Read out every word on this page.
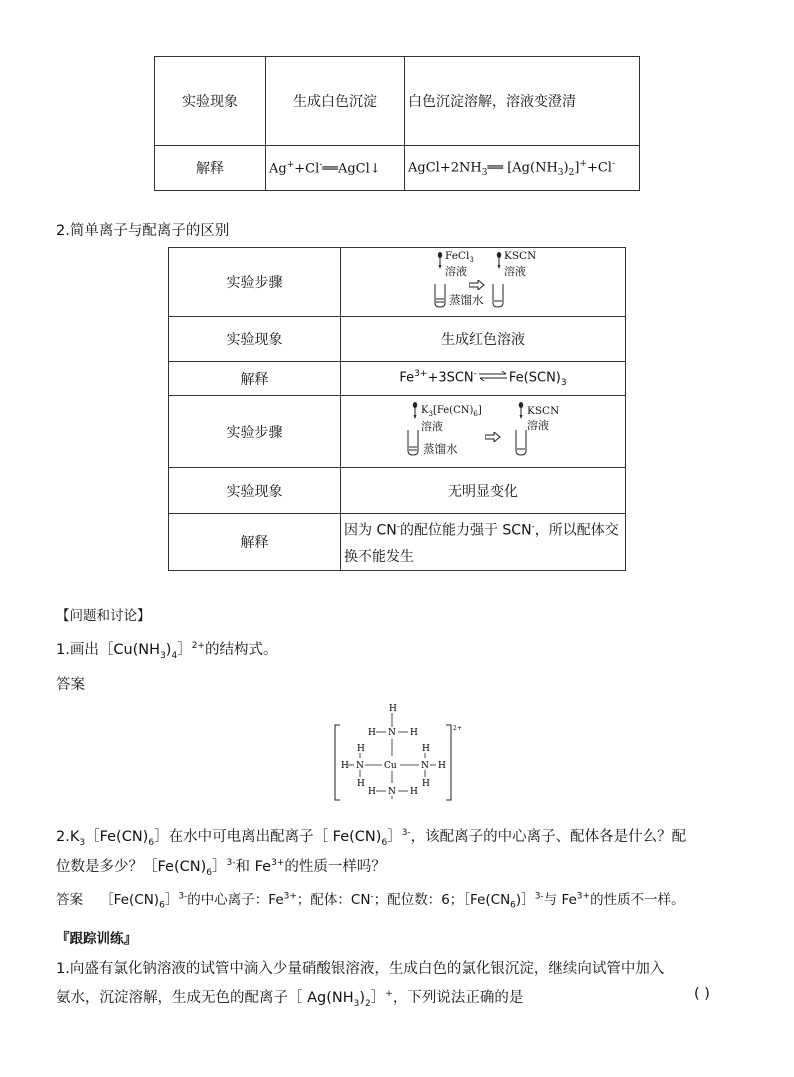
实验现象	生成白色沉淀	白色沉淀溶解，溶液变澄清
解释	Ag++Cl-══AgCl↓	$AgCl+2NH_3══$ $[Ag(NH_3)_2]^++Cl^-$
2.简单离子与配离子的区别
实验步骤	FeCl$_3$
溶液
KSCN
溶液
蒸馏水

实验现象	生成红色溶液
解释	$Fe^{3+}+3SCN^-\rightleftharpoons Fe(SCN)_3$
实验步骤	$K_3[Fe(CN)_6]$
溶液
KSCN
溶液
蒸馏水

实验现象	无明显变化
解释	因为 CN-的配位能力强于 SCN-，所以配体交
换不能发生
【问题和讨论】
1.画出$[Cu(NH_3)_4]^{2+}$的结构式。
答案
2+
H
H N H
H N Cu	N H
H
H
H
H
H N H
$2.K_3[Fe(CN)_6]$在水中可电离出配离子［ $Fe(CN)_6]^{3-}$，该配离子的中心离子、配体各是什么？配
位数是多少？$[Fe(CN)_6]^{3-}$和 $Fe^{3+}$的性质一样吗？
答案 $[Fe(CN)_6]^{3-}$的中心离子：$Fe^{3+}$；配体：CN-；配位数：6；$[Fe(CN_6)]^{3-}$与 $Fe^{3+}$的性质不一样。
『跟踪训练』
1.向盛有氯化钠溶液的试管中滴入少量硝酸银溶液，生成白色的氯化银沉淀，继续向试管中加入
氨水，沉淀溶解，生成无色的配离子［ $Ag(NH_3)_2]^+$，下列说法正确的是	( )
